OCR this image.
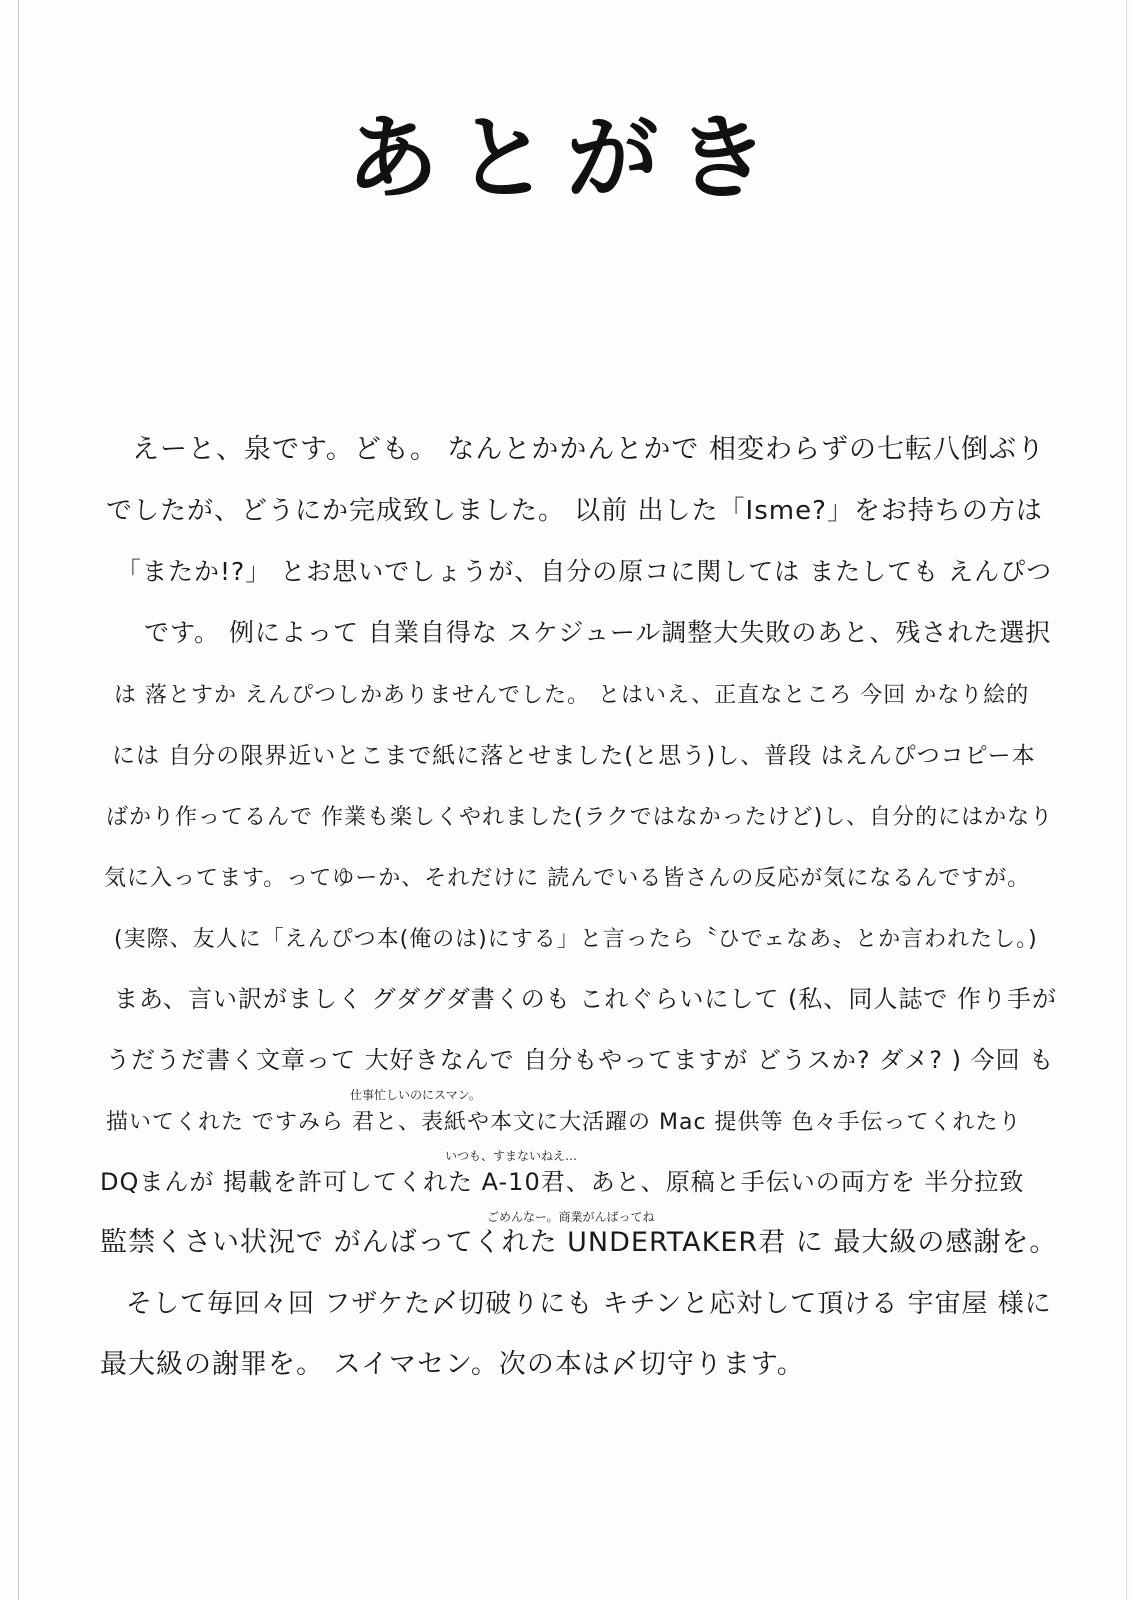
あとがき
えーと、泉です。ども。 なんとかかんとかで 相変わらずの七転八倒ぶり
でしたが、どうにか完成致しました。 以前 出した「Isme?」をお持ちの方は
「またか!?」 とお思いでしょうが、自分の原コに関しては またしても えんぴつ
です。 例によって 自業自得な スケジュール調整大失敗のあと、残された選択
は 落とすか えんぴつしかありませんでした。 とはいえ、正直なところ 今回 かなり絵的
には 自分の限界近いとこまで紙に落とせました(と思う)し、普段 はえんぴつコピー本
ばかり作ってるんで 作業も楽しくやれました(ラクではなかったけど)し、自分的にはかなり
気に入ってます。ってゆーか、それだけに 読んでいる皆さんの反応が気になるんですが。
(実際、友人に「えんぴつ本(俺のは)にする」と言ったら〝ひでェなあ〟とか言われたし。)
まあ、言い訳がましく グダグダ書くのも これぐらいにして (私、同人誌で 作り手が
うだうだ書く文章って 大好きなんで 自分もやってますが どうスか? ダメ? ) 今回 も
仕事忙しいのにスマン。
描いてくれた ですみら 君と、表紙や本文に大活躍の Mac 提供等 色々手伝ってくれたり
いつも、すまないねえ…
DQまんが 掲載を許可してくれた A-10君、あと、原稿と手伝いの両方を 半分拉致
ごめんなー。商業がんばってね
監禁くさい状況で がんばってくれた UNDERTAKER君 に 最大級の感謝を。
そして毎回々回 フザケた〆切破りにも キチンと応対して頂ける 宇宙屋 様に
最大級の謝罪を。 スイマセン。次の本は〆切守ります。
